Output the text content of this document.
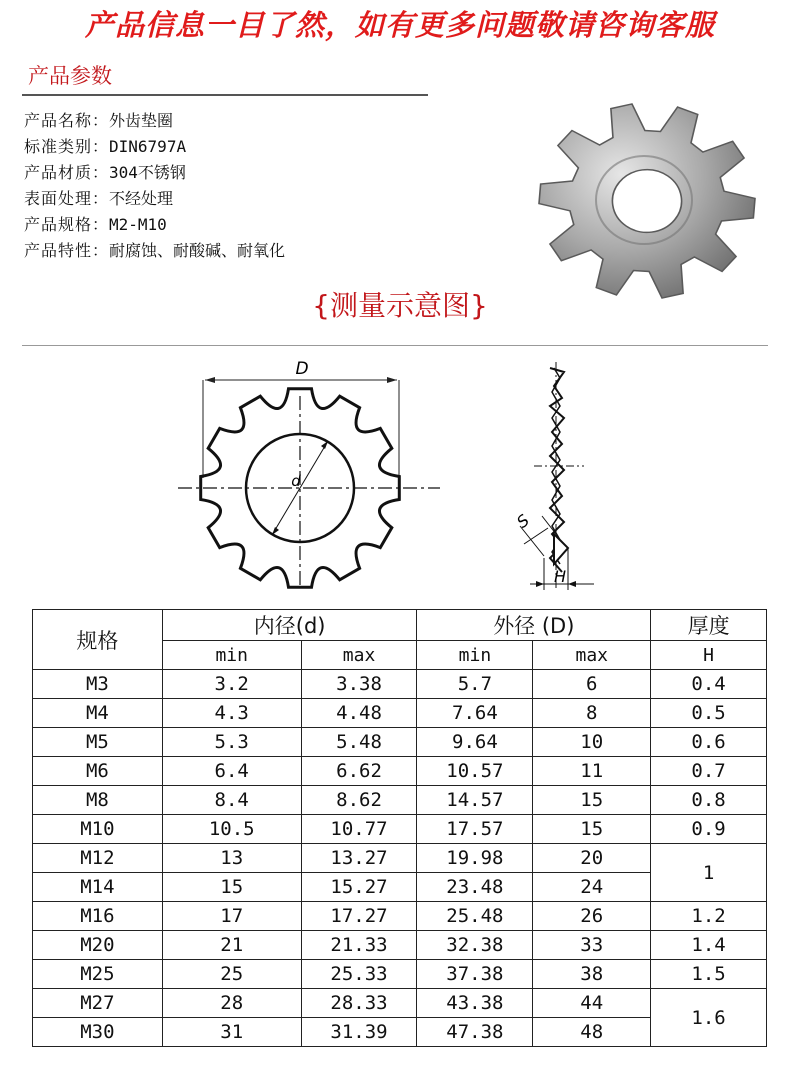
产品信息一目了然，如有更多问题敬请咨询客服
产品参数
产品名称：外齿垫圈
标准类别：DIN6797A
产品材质：304不锈钢
表面处理：不经处理
产品规格：M2-M10
产品特性：耐腐蚀、耐酸碱、耐氧化
{测量示意图}
D
d
S
H
规格	内径(d)		外径 (D)		厚度
	min	max	min	max	H
M3	3.2	3.38	5.7	6	0.4
M4	4.3	4.48	7.64	8	0.5
M5	5.3	5.48	9.64	10	0.6
M6	6.4	6.62	10.57	11	0.7
M8	8.4	8.62	14.57	15	0.8
M10	10.5	10.77	17.57	15	0.9
M12	13	13.27	19.98	20	1
M14	15	15.27	23.48	24	
M16	17	17.27	25.48	26	1.2
M20	21	21.33	32.38	33	1.4
M25	25	25.33	37.38	38	1.5
M27	28	28.33	43.38	44	1.6
M30	31	31.39	47.38	48	
